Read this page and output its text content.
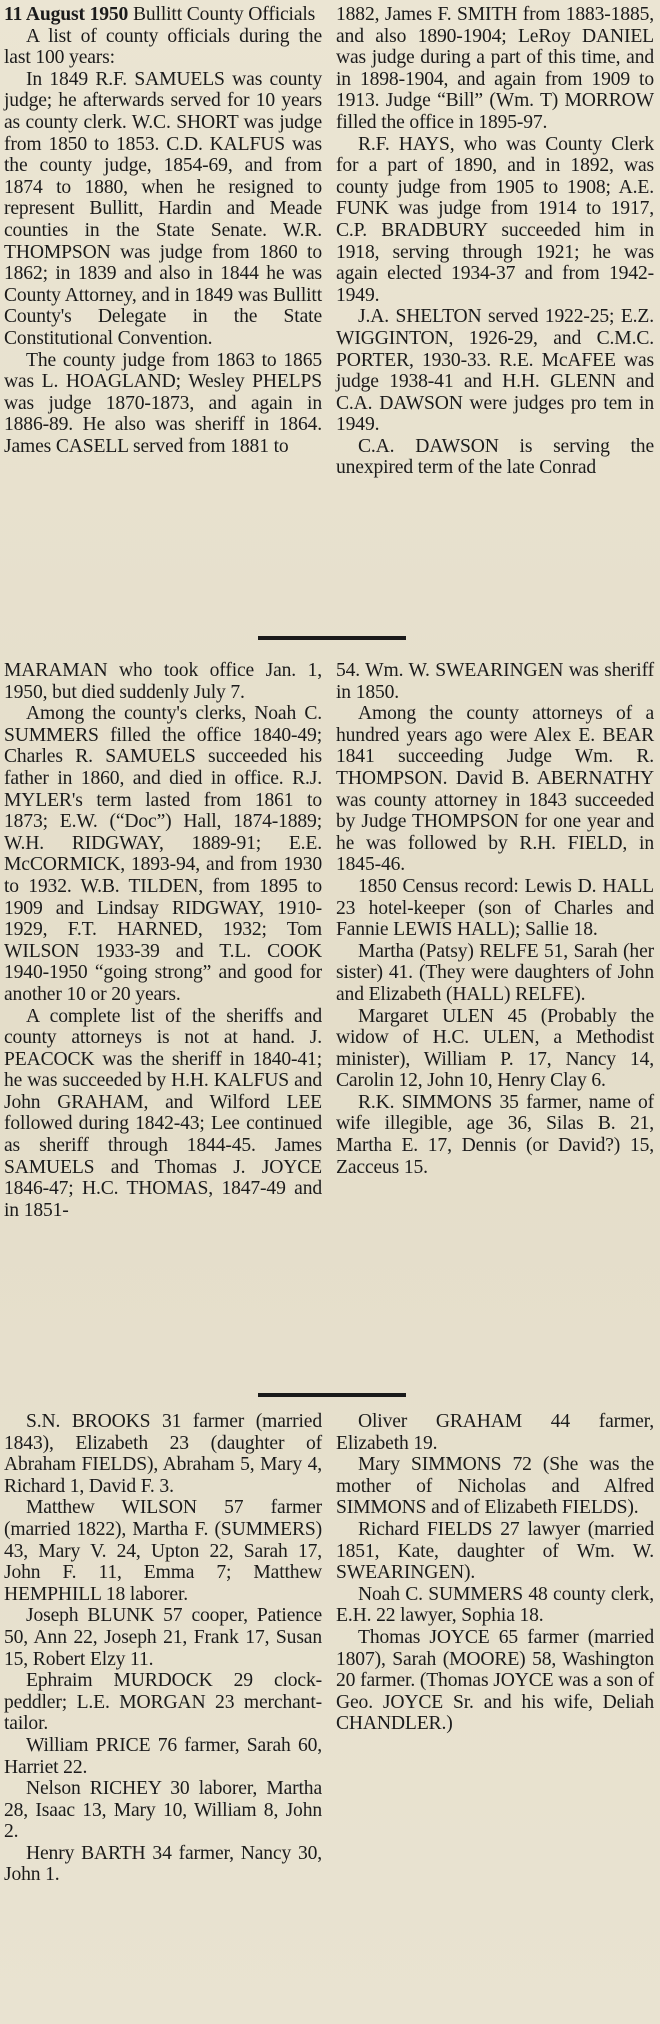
11 August 1950 Bullitt County Officials

A list of county officials during the last 100 years:

In 1849 R.F. SAMUELS was county judge; he afterwards served for 10 years as county clerk. W.C. SHORT was judge from 1850 to 1853. C.D. KALFUS was the county judge, 1854-69, and from 1874 to 1880, when he resigned to represent Bullitt, Hardin and Meade counties in the State Senate. W.R. THOMPSON was judge from 1860 to 1862; in 1839 and also in 1844 he was County Attorney, and in 1849 was Bullitt County's Delegate in the State Constitutional Convention.

The county judge from 1863 to 1865 was L. HOAGLAND; Wesley PHELPS was judge 1870-1873, and again in 1886-89. He also was sheriff in 1864. James CASELL served from 1881 to

1882, James F. SMITH from 1883-1885, and also 1890-1904; LeRoy DANIEL was judge during a part of this time, and in 1898-1904, and again from 1909 to 1913. Judge “Bill” (Wm. T) MORROW filled the office in 1895-97.

R.F. HAYS, who was County Clerk for a part of 1890, and in 1892, was county judge from 1905 to 1908; A.E. FUNK was judge from 1914 to 1917, C.P. BRADBURY succeeded him in 1918, serving through 1921; he was again elected 1934-37 and from 1942-1949.

J.A. SHELTON served 1922-25; E.Z. WIGGINTON, 1926-29, and C.M.C. PORTER, 1930-33. R.E. McAFEE was judge 1938-41 and H.H. GLENN and C.A. DAWSON were judges pro tem in 1949.

C.A. DAWSON is serving the unexpired term of the late Conrad

MARAMAN who took office Jan. 1, 1950, but died suddenly July 7.

Among the county's clerks, Noah C. SUMMERS filled the office 1840-49; Charles R. SAMUELS succeeded his father in 1860, and died in office. R.J. MYLER's term lasted from 1861 to 1873; E.W. (“Doc”) Hall, 1874-1889; W.H. RIDGWAY, 1889-91; E.E. McCORMICK, 1893-94, and from 1930 to 1932. W.B. TILDEN, from 1895 to 1909 and Lindsay RIDGWAY, 1910-1929, F.T. HARNED, 1932; Tom WILSON 1933-39 and T.L. COOK 1940-1950 “going strong” and good for another 10 or 20 years.

A complete list of the sheriffs and county attorneys is not at hand. J. PEACOCK was the sheriff in 1840-41; he was succeeded by H.H. KALFUS and John GRAHAM, and Wilford LEE followed during 1842-43; Lee continued as sheriff through 1844-45. James SAMUELS and Thomas J. JOYCE 1846-47; H.C. THOMAS, 1847-49 and in 1851-

54. Wm. W. SWEARINGEN was sheriff in 1850.

Among the county attorneys of a hundred years ago were Alex E. BEAR 1841 succeeding Judge Wm. R. THOMPSON. David B. ABERNATHY was county attorney in 1843 succeeded by Judge THOMPSON for one year and he was followed by R.H. FIELD, in 1845-46.

1850 Census record: Lewis D. HALL 23 hotel-keeper (son of Charles and Fannie LEWIS HALL); Sallie 18.

Martha (Patsy) RELFE 51, Sarah (her sister) 41. (They were daughters of John and Elizabeth (HALL) RELFE).

Margaret ULEN 45 (Probably the widow of H.C. ULEN, a Methodist minister), William P. 17, Nancy 14, Carolin 12, John 10, Henry Clay 6.

R.K. SIMMONS 35 farmer, name of wife illegible, age 36, Silas B. 21, Martha E. 17, Dennis (or David?) 15, Zacceus 15.

S.N. BROOKS 31 farmer (married 1843), Elizabeth 23 (daughter of Abraham FIELDS), Abraham 5, Mary 4, Richard 1, David F. 3.

Matthew WILSON 57 farmer (married 1822), Martha F. (SUMMERS) 43, Mary V. 24, Upton 22, Sarah 17, John F. 11, Emma 7; Matthew HEMPHILL 18 laborer.

Joseph BLUNK 57 cooper, Patience 50, Ann 22, Joseph 21, Frank 17, Susan 15, Robert Elzy 11.

Ephraim MURDOCK 29 clock-peddler; L.E. MORGAN 23 merchant-tailor.

William PRICE 76 farmer, Sarah 60, Harriet 22.

Nelson RICHEY 30 laborer, Martha 28, Isaac 13, Mary 10, William 8, John 2.

Henry BARTH 34 farmer, Nancy 30, John 1.

Oliver GRAHAM 44 farmer, Elizabeth 19.

Mary SIMMONS 72 (She was the mother of Nicholas and Alfred SIMMONS and of Elizabeth FIELDS).

Richard FIELDS 27 lawyer (married 1851, Kate, daughter of Wm. W. SWEARINGEN).

Noah C. SUMMERS 48 county clerk, E.H. 22 lawyer, Sophia 18.

Thomas JOYCE 65 farmer (married 1807), Sarah (MOORE) 58, Washington 20 farmer. (Thomas JOYCE was a son of Geo. JOYCE Sr. and his wife, Deliah CHANDLER.)
